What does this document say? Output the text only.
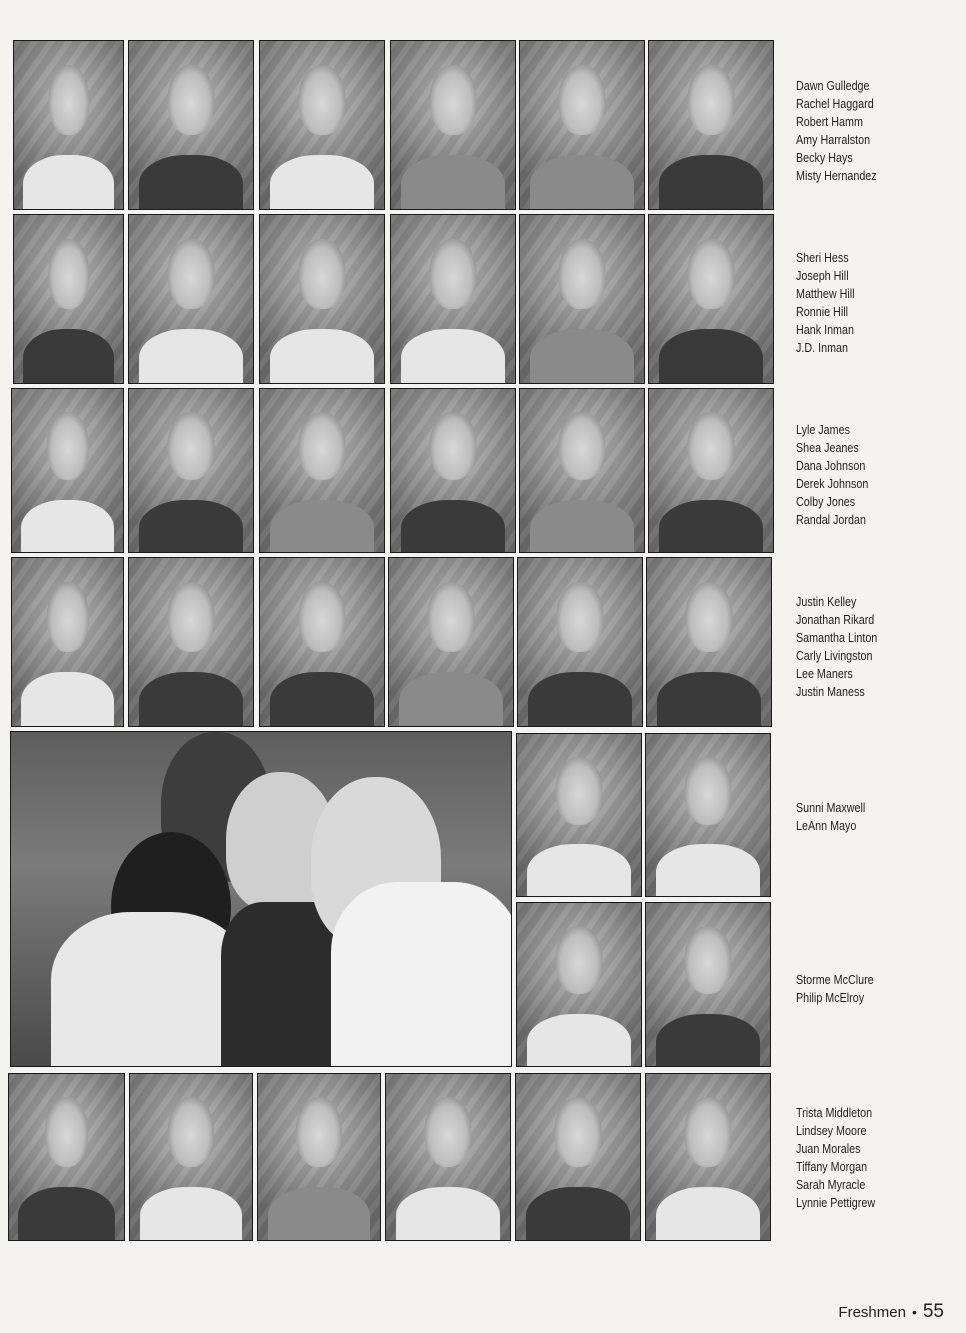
Dawn Gulledge
Rachel Haggard
Robert Hamm
Amy Harralston
Becky Hays
Misty Hernandez
Sheri Hess
Joseph Hill
Matthew Hill
Ronnie Hill
Hank Inman
J.D. Inman
Lyle James
Shea Jeanes
Dana Johnson
Derek Johnson
Colby Jones
Randal Jordan
Justin Kelley
Jonathan Rikard
Samantha Linton
Carly Livingston
Lee Maners
Justin Maness
Sunni Maxwell
LeAnn Mayo
Storme McClure
Philip McElroy
Trista Middleton
Lindsey Moore
Juan Morales
Tiffany Morgan
Sarah Myracle
Lynnie Pettigrew
Freshmen • 55
